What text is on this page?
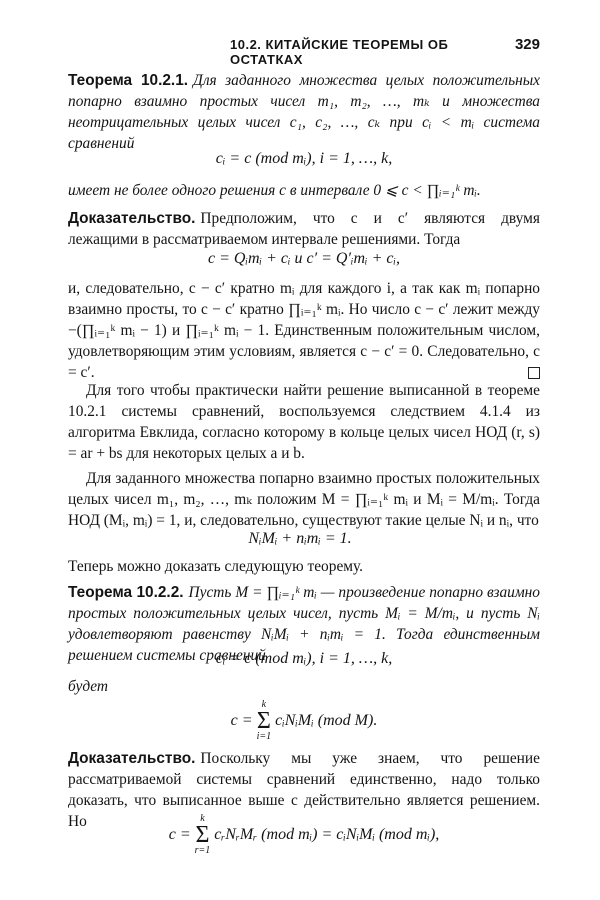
10.2. КИТАЙСКИЕ ТЕОРЕМЫ ОБ ОСТАТКАХ
329
Теорема 10.2.1. Для заданного множества целых положительных попарно взаимно простых чисел m₁, m₂, …, mₖ и множества неотрицательных целых чисел c₁, c₂, …, cₖ при cᵢ < mᵢ система сравнений
cᵢ = c (mod mᵢ), i = 1, …, k,
имеет не более одного решения c в интервале 0 ⩽ c < ∏ᵢ₌₁ᵏ mᵢ.
Доказательство. Предположим, что c и c′ являются двумя лежащими в рассматриваемом интервале решениями. Тогда
c = Qᵢmᵢ + cᵢ и c′ = Q′ᵢmᵢ + cᵢ,
и, следовательно, c − c′ кратно mᵢ для каждого i, а так как mᵢ попарно взаимно просты, то c − c′ кратно ∏ᵢ₌₁ᵏ mᵢ. Но число c − c′ лежит между −(∏ᵢ₌₁ᵏ mᵢ − 1) и ∏ᵢ₌₁ᵏ mᵢ − 1. Единственным положительным числом, удовлетворяющим этим условиям, является c − c′ = 0. Следовательно, c = c′.
Для того чтобы практически найти решение выписанной в теореме 10.2.1 системы сравнений, воспользуемся следствием 4.1.4 из алгоритма Евклида, согласно которому в кольце целых чисел НОД (r, s) = ar + bs для некоторых целых a и b.
Для заданного множества попарно взаимно простых положительных целых чисел m₁, m₂, …, mₖ положим M = ∏ᵢ₌₁ᵏ mᵢ и Mᵢ = M/mᵢ. Тогда НОД (Mᵢ, mᵢ) = 1, и, следовательно, существуют такие целые Nᵢ и nᵢ, что
NᵢMᵢ + nᵢmᵢ = 1.
Теперь можно доказать следующую теорему.
Теорема 10.2.2. Пусть M = ∏ᵢ₌₁ᵏ mᵢ — произведение попарно взаимно простых положительных целых чисел, пусть Mᵢ = M/mᵢ, и пусть Nᵢ удовлетворяют равенству NᵢMᵢ + nᵢmᵢ = 1. Тогда единственным решением системы сравнений
cᵢ = c (mod mᵢ), i = 1, …, k,
будет
c =
k
Σ
i=1
cᵢNᵢMᵢ (mod M).
Доказательство. Поскольку мы уже знаем, что решение рассматриваемой системы сравнений единственно, надо только доказать, что выписанное выше c действительно является решением. Но
c =
k
Σ
r=1
cᵣNᵣMᵣ (mod mᵢ) = cᵢNᵢMᵢ (mod mᵢ),
